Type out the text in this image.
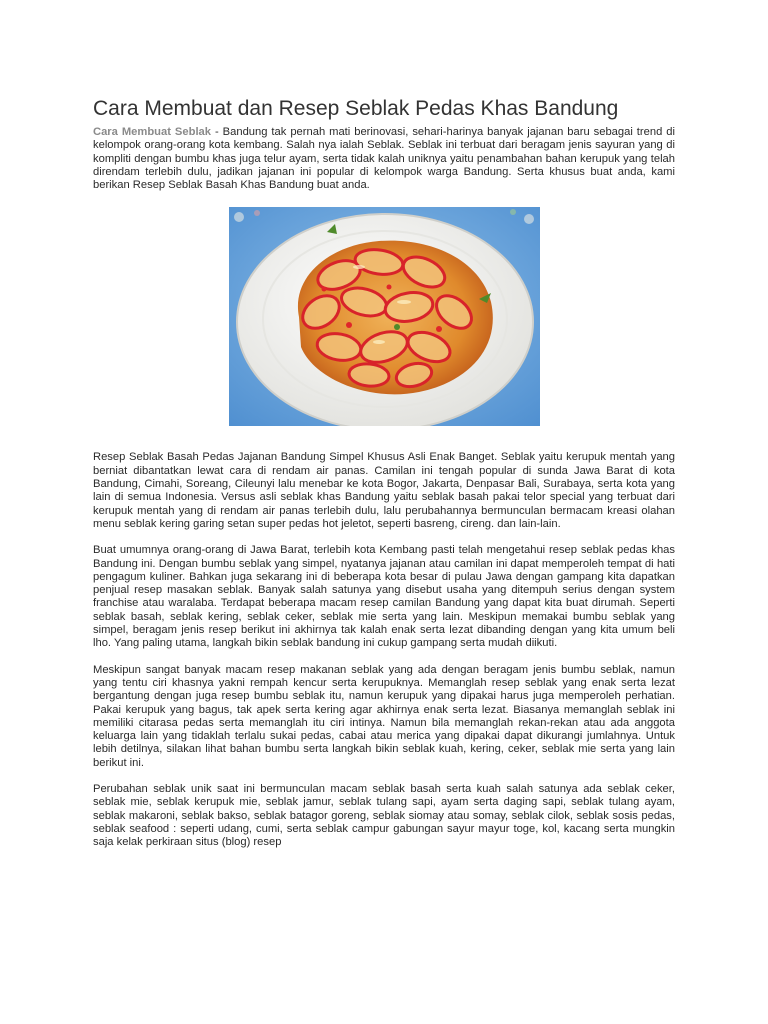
Cara Membuat dan Resep Seblak Pedas Khas Bandung

Cara Membuat Seblak - Bandung tak pernah mati berinovasi, sehari-harinya banyak jajanan baru sebagai trend di kelompok orang-orang kota kembang. Salah nya ialah Seblak. Seblak ini terbuat dari beragam jenis sayuran yang di kompliti dengan bumbu khas juga telur ayam, serta tidak kalah uniknya yaitu penambahan bahan kerupuk yang telah direndam terlebih dulu, jadikan jajanan ini popular di kelompok warga Bandung. Serta khusus buat anda, kami berikan Resep Seblak Basah Khas Bandung buat anda.

Resep Seblak Basah Pedas Jajanan Bandung Simpel Khusus Asli Enak Banget. Seblak yaitu kerupuk mentah yang berniat dibantatkan lewat cara di rendam air panas. Camilan ini tengah popular di sunda Jawa Barat di kota Bandung, Cimahi, Soreang, Cileunyi lalu menebar ke kota Bogor, Jakarta, Denpasar Bali, Surabaya, serta kota yang lain di semua Indonesia. Versus asli seblak khas Bandung yaitu seblak basah pakai telor special yang terbuat dari kerupuk mentah yang di rendam air panas terlebih dulu, lalu perubahannya bermunculan bermacam kreasi olahan menu seblak kering garing setan super pedas hot jeletot, seperti basreng, cireng. dan lain-lain.

Buat umumnya orang-orang di Jawa Barat, terlebih kota Kembang pasti telah mengetahui resep seblak pedas khas Bandung ini. Dengan bumbu seblak yang simpel, nyatanya jajanan atau camilan ini dapat memperoleh tempat di hati pengagum kuliner. Bahkan juga sekarang ini di beberapa kota besar di pulau Jawa dengan gampang kita dapatkan penjual resep masakan seblak. Banyak salah satunya yang disebut usaha yang ditempuh serius dengan system franchise atau waralaba. Terdapat beberapa macam resep camilan Bandung yang dapat kita buat dirumah. Seperti seblak basah, seblak kering, seblak ceker, seblak mie serta yang lain. Meskipun memakai bumbu seblak yang simpel, beragam jenis resep berikut ini akhirnya tak kalah enak serta lezat dibanding dengan yang kita umum beli lho. Yang paling utama, langkah bikin seblak bandung ini cukup gampang serta mudah diikuti.

Meskipun sangat banyak macam resep makanan seblak yang ada dengan beragam jenis bumbu seblak, namun yang tentu ciri khasnya yakni rempah kencur serta kerupuknya. Memanglah resep seblak yang enak serta lezat bergantung dengan juga resep bumbu seblak itu, namun kerupuk yang dipakai harus juga memperoleh perhatian. Pakai kerupuk yang bagus, tak apek serta kering agar akhirnya enak serta lezat. Biasanya memanglah seblak ini memiliki citarasa pedas serta memanglah itu ciri intinya. Namun bila memanglah rekan-rekan atau ada anggota keluarga lain yang tidaklah terlalu sukai pedas, cabai atau merica yang dipakai dapat dikurangi jumlahnya. Untuk lebih detilnya, silakan lihat bahan bumbu serta langkah bikin seblak kuah, kering, ceker, seblak mie serta yang lain berikut ini.

Perubahan seblak unik saat ini bermunculan macam seblak basah serta kuah salah satunya ada seblak ceker, seblak mie, seblak kerupuk mie, seblak jamur, seblak tulang sapi, ayam serta daging sapi, seblak tulang ayam, seblak makaroni, seblak bakso, seblak batagor goreng, seblak siomay atau somay, seblak cilok, seblak sosis pedas, seblak seafood : seperti udang, cumi, serta seblak campur gabungan sayur mayur toge, kol, kacang serta mungkin saja kelak perkiraan situs (blog) resep
